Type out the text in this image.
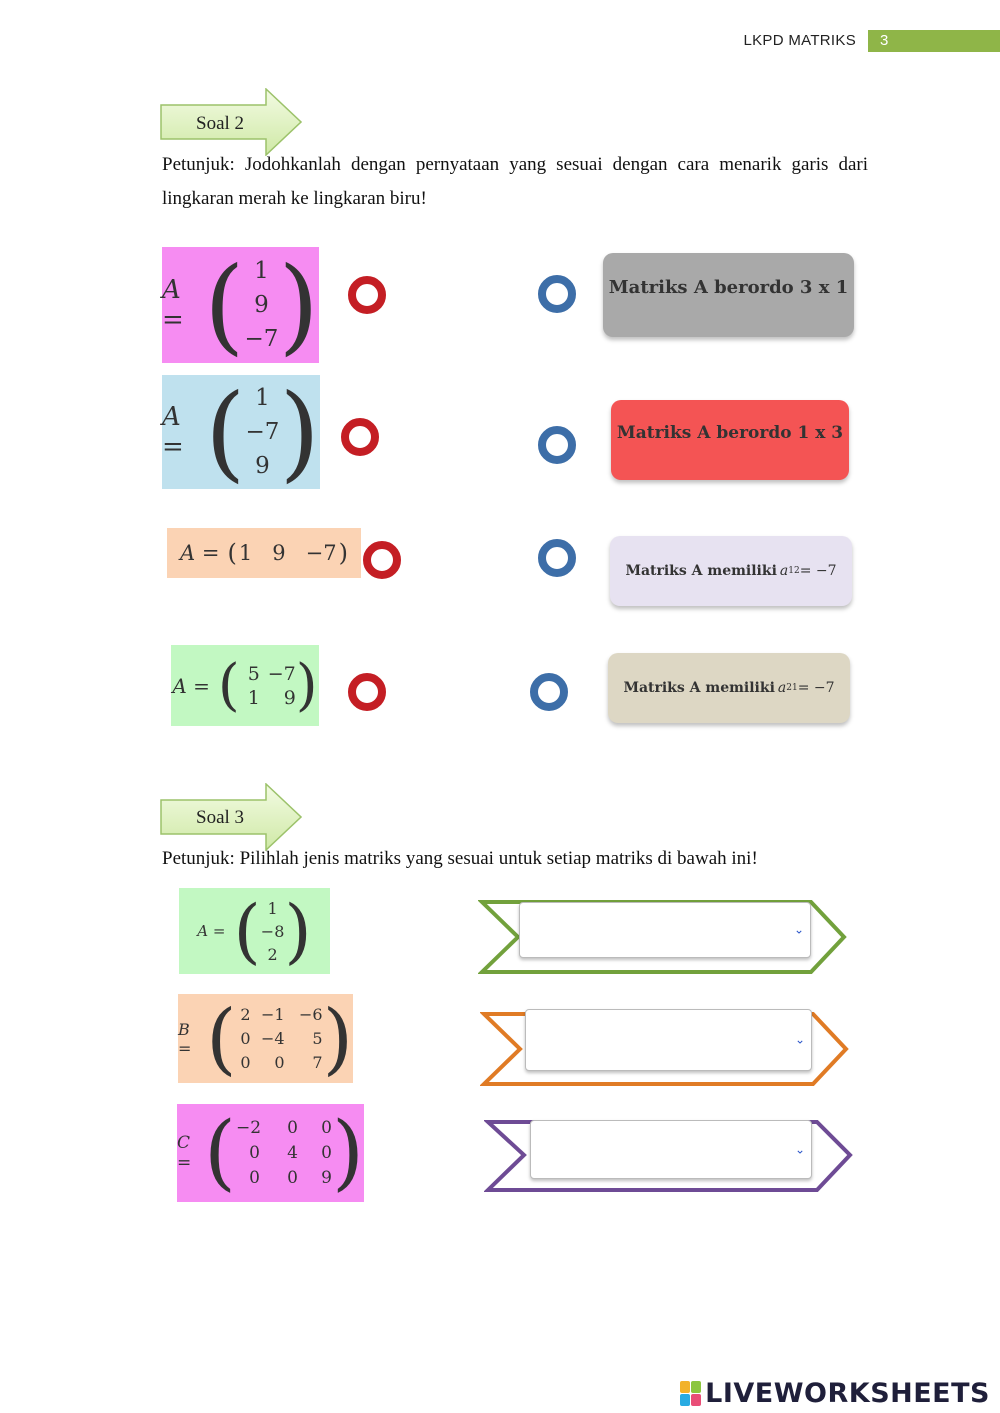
LKPD MATRIKS 3
Soal 2
Petunjuk: Jodohkanlah dengan pernyataan yang sesuai dengan cara menarik garis dari lingkaran merah ke lingkaran biru!
A = ( 1
9
−7 )
A = ( 1
−7
9 )
A = ( 1 9 −7 )
A = ( 5 −7
1	9 )
Matriks A berordo 3 x 1
Matriks A berordo 1 x 3
Matriks A memiliki a 12 = −7
Matriks A memiliki a 21 = −7
Soal 3
Petunjuk: Pilihlah jenis matriks yang sesuai untuk setiap matriks di bawah ini!
A = ( 1
−8
2 )
B = ( 2 −1 −6
0 −4	5
0	0	7 )
C = ( −2	0	0
0	4	0
0	0	9 )
⌄
⌄
⌄
LIVEWORKSHEETS
